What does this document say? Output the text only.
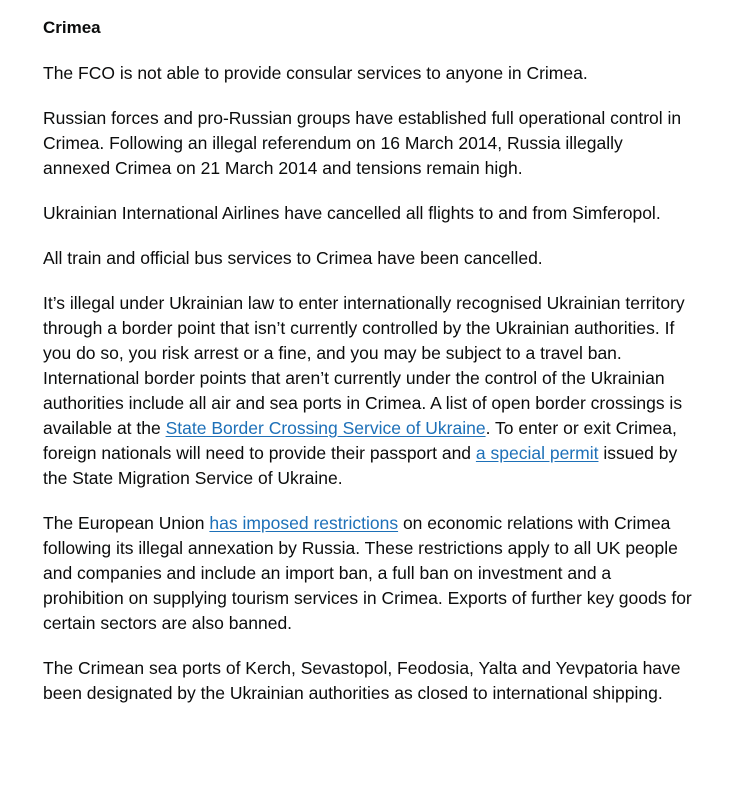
Crimea

The FCO is not able to provide consular services to anyone in Crimea.

Russian forces and pro-Russian groups have established full operational control in Crimea. Following an illegal referendum on 16 March 2014, Russia illegally annexed Crimea on 21 March 2014 and tensions remain high.

Ukrainian International Airlines have cancelled all flights to and from Simferopol.

All train and official bus services to Crimea have been cancelled.

It’s illegal under Ukrainian law to enter internationally recognised Ukrainian territory through a border point that isn’t currently controlled by the Ukrainian authorities. If you do so, you risk arrest or a fine, and you may be subject to a travel ban. International border points that aren’t currently under the control of the Ukrainian authorities include all air and sea ports in Crimea. A list of open border crossings is available at the State Border Crossing Service of Ukraine. To enter or exit Crimea, foreign nationals will need to provide their passport and a special permit issued by the State Migration Service of Ukraine.

The European Union has imposed restrictions on economic relations with Crimea following its illegal annexation by Russia. These restrictions apply to all UK people and companies and include an import ban, a full ban on investment and a prohibition on supplying tourism services in Crimea. Exports of further key goods for certain sectors are also banned.

The Crimean sea ports of Kerch, Sevastopol, Feodosia, Yalta and Yevpatoria have been designated by the Ukrainian authorities as closed to international shipping.
